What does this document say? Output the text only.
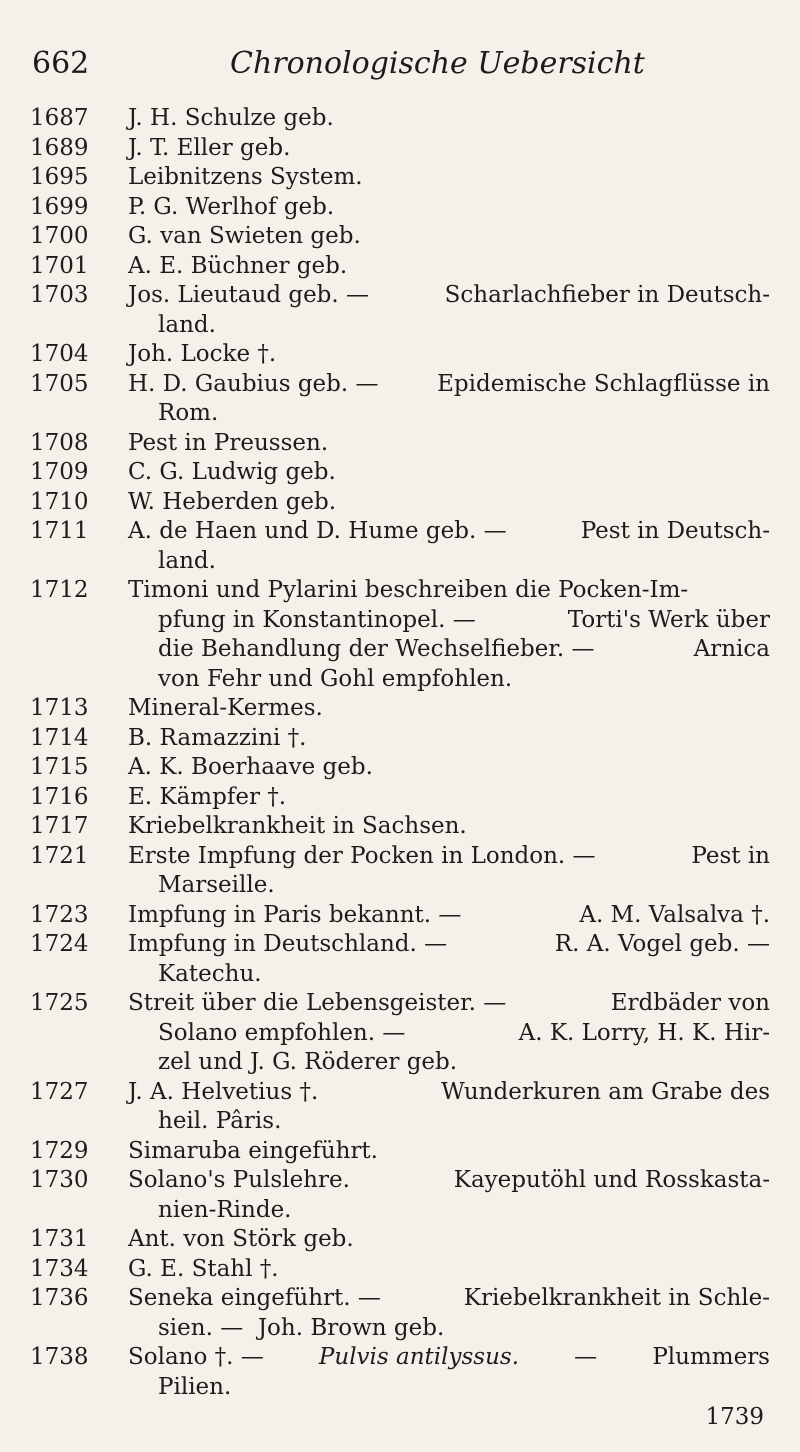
662	Chronologische Uebersicht
1687	J. H. Schulze geb.
1689	J. T. Eller geb.
1695	Leibnitzens System.
1699	P. G. Werlhof geb.
1700	G. van Swieten geb.
1701	A. E. Büchner geb.
1703	Jos. Lieutaud geb. —	Scharlachfieber in Deutsch-
land.
1704	Joh. Locke †.
1705	H. D. Gaubius geb. —	Epidemische Schlagflüsse in
Rom.
1708	Pest in Preussen.
1709	C. G. Ludwig geb.
1710	W. Heberden geb.
1711	A. de Haen und D. Hume geb. —	Pest in Deutsch-
land.
1712	Timoni und Pylarini beschreiben die Pocken-Im-
pfung in Konstantinopel. —	Torti's Werk über
die Behandlung der Wechselfieber. —	Arnica
von Fehr und Gohl empfohlen.
1713	Mineral-Kermes.
1714	B. Ramazzini †.
1715	A. K. Boerhaave geb.
1716	E. Kämpfer †.
1717	Kriebelkrankheit in Sachsen.
1721	Erste Impfung der Pocken in London. —	Pest in
Marseille.
1723	Impfung in Paris bekannt. —	A. M. Valsalva †.
1724	Impfung in Deutschland. —	R. A. Vogel geb. —
Katechu.
1725	Streit über die Lebensgeister. —	Erdbäder von
Solano empfohlen. —	A. K. Lorry, H. K. Hir-
zel und J. G. Röderer geb.
1727	J. A. Helvetius †.	Wunderkuren am Grabe des
heil. Pâris.
1729	Simaruba eingeführt.
1730	Solano's Pulslehre.	Kayeputöhl und Rosskasta-
nien-Rinde.
1731	Ant. von Störk geb.
1734	G. E. Stahl †.
1736	Seneka eingeführt. —	Kriebelkrankheit in Schle-
sien. —  Joh. Brown geb.
1738	Solano †. — Pulvis antilyssus. — Plummers
Pilien.
1739
